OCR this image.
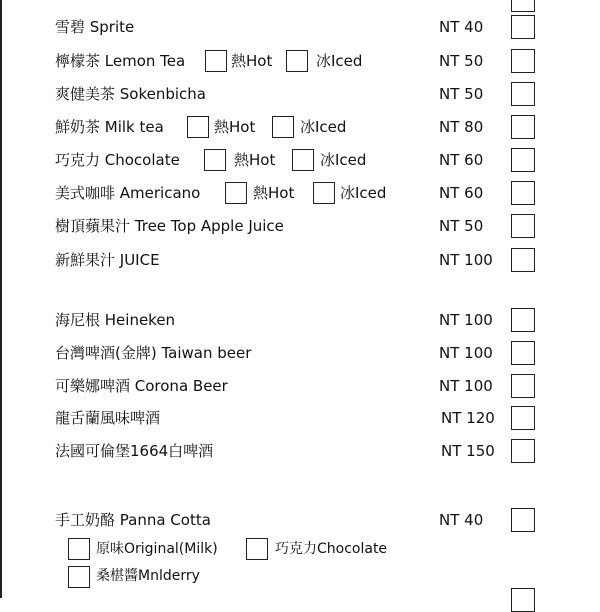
雪碧 Sprite	NT 40
檸檬茶 Lemon Tea	熱Hot	冰Iced	NT 50
爽健美茶 Sokenbicha	NT 50
鮮奶茶 Milk tea	熱Hot	冰Iced	NT 80
巧克力 Chocolate	熱Hot	冰Iced	NT 60
美式咖啡 Americano	熱Hot	冰Iced	NT 60
樹頂蘋果汁 Tree Top Apple Juice	NT 50
新鮮果汁 JUICE	NT 100
海尼根 Heineken	NT 100
台灣啤酒(金牌) Taiwan beer	NT 100
可樂娜啤酒 Corona Beer	NT 100
龍舌蘭風味啤酒	NT 120
法國可倫堡1664白啤酒	NT 150
手工奶酪 Panna Cotta	NT 40
原味Original(Milk)	巧克力Chocolate
桑椹醬Mnlderry
